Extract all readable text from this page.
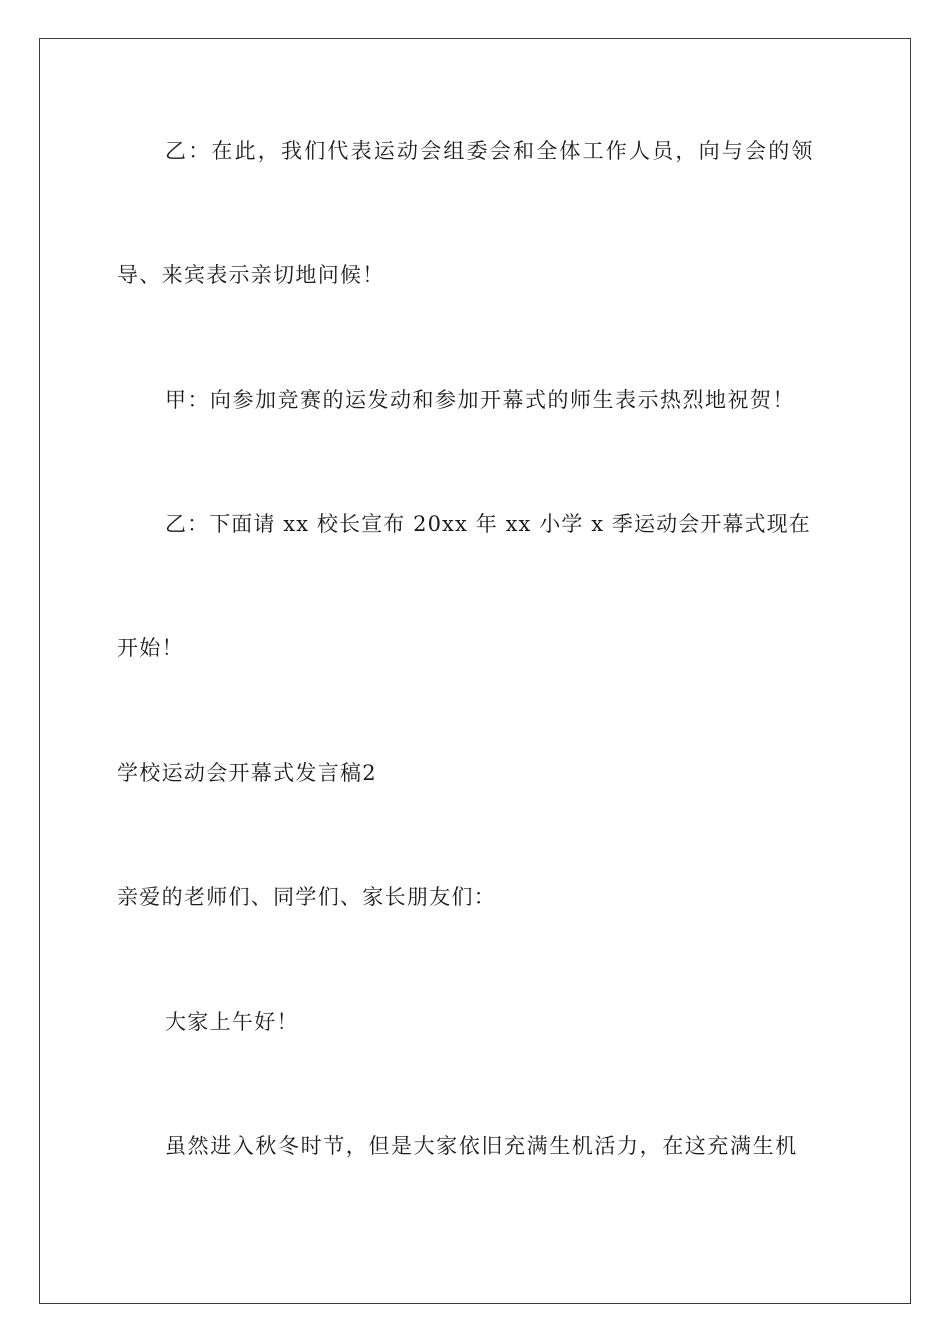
乙：在此，我们代表运动会组委会和全体工作人员，向与会的领
导、来宾表示亲切地问候！
甲：向参加竞赛的运发动和参加开幕式的师生表示热烈地祝贺！
乙：下面请 xx 校长宣布 20xx 年 xx 小学 x 季运动会开幕式现在
开始！
学校运动会开幕式发言稿2
亲爱的老师们、同学们、家长朋友们：
大家上午好！
虽然进入秋冬时节，但是大家依旧充满生机活力，在这充满生机
